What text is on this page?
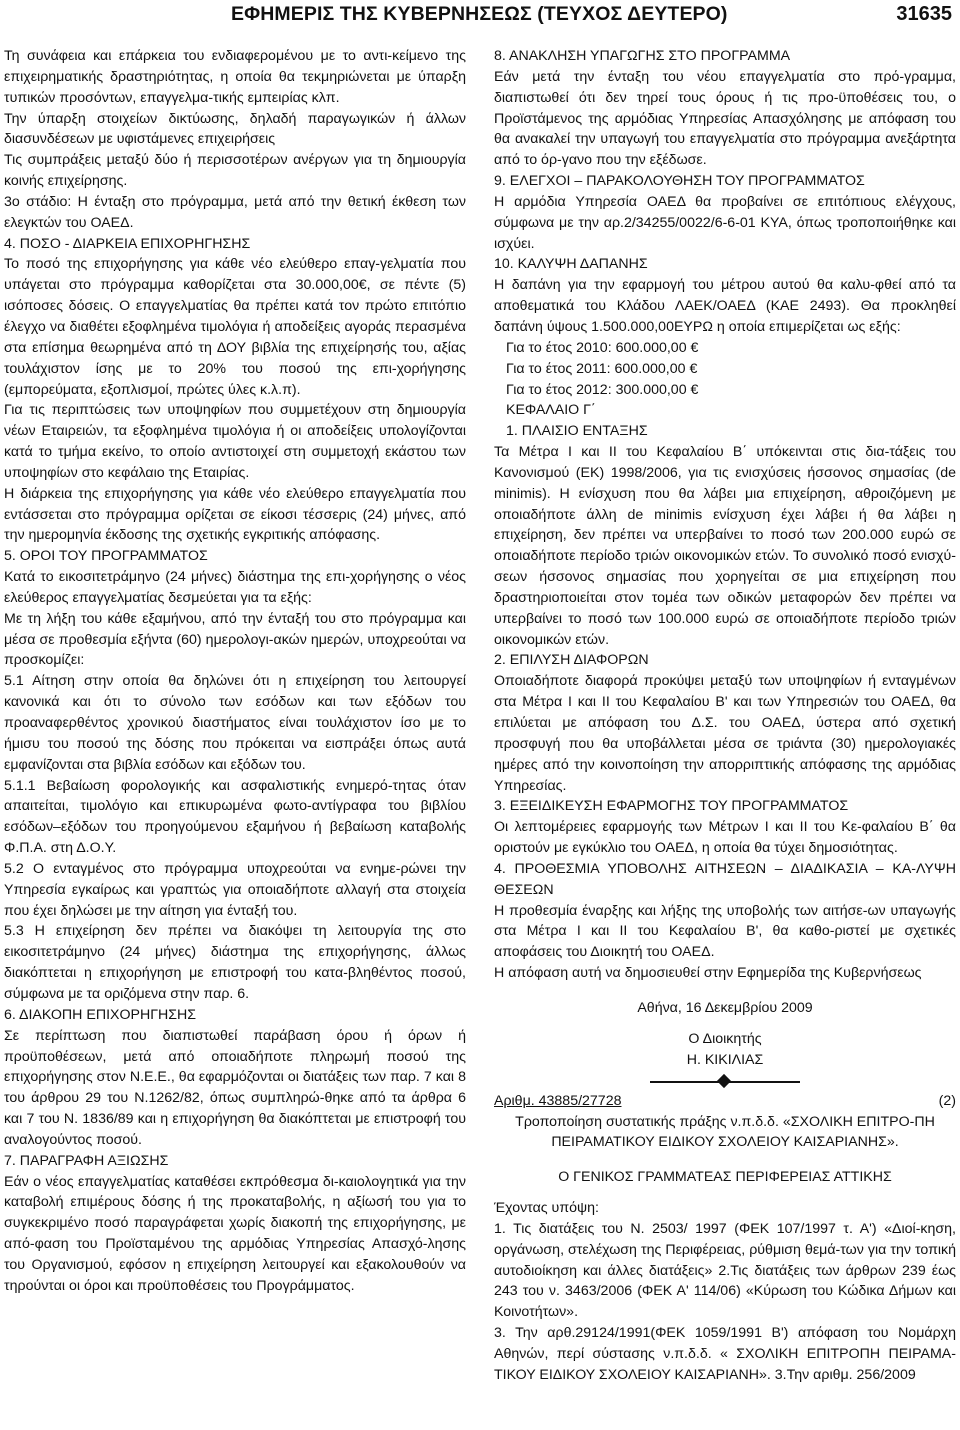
ΕΦΗΜΕΡΙΣ ΤΗΣ ΚΥΒΕΡΝΗΣΕΩΣ (ΤΕΥΧΟΣ ΔΕΥΤΕΡΟ)	31635

Τη συνάφεια και επάρκεια του ενδιαφερομένου με το αντι-κείμενο της επιχειρηματικής δραστηριότητας, η οποία θα τεκμηριώνεται με ύπαρξη τυπικών προσόντων, επαγγελμα-τικής εμπειρίας κλπ.

Την ύπαρξη στοιχείων δικτύωσης, δηλαδή παραγωγικών ή άλλων διασυνδέσεων με υφιστάμενες επιχειρήσεις

Τις συμπράξεις μεταξύ δύο ή περισσοτέρων ανέργων για τη δημιουργία κοινής επιχείρησης.

3ο στάδιο: Η ένταξη στο πρόγραμμα, μετά από την θετική έκθεση των ελεγκτών του ΟΑΕΔ.

4. ΠΟΣΟ - ΔΙΑΡΚΕΙΑ ΕΠΙΧΟΡΗΓΗΣΗΣ

Το ποσό της επιχορήγησης για κάθε νέο ελεύθερο επαγ-γελματία που υπάγεται στο πρόγραμμα καθορίζεται στα 30.000,00€, σε πέντε (5) ισόποσες δόσεις. Ο επαγγελματίας θα πρέπει κατά τον πρώτο επιτόπιο έλεγχο να διαθέτει εξοφλημένα τιμολόγια ή αποδείξεις αγοράς περασμένα στα επίσημα θεωρημένα από τη ΔΟΥ βιβλία της επιχείρησής του, αξίας τουλάχιστον ίσης με το 20% του ποσού της επι-χορήγησης (εμπορεύματα, εξοπλισμοί, πρώτες ύλες κ.λ.π).

Για τις περιπτώσεις των υποψηφίων που συμμετέχουν στη δημιουργία νέων Εταιρειών, τα εξοφλημένα τιμολόγια ή οι αποδείξεις υπολογίζονται κατά το τμήμα εκείνο, το οποίο αντιστοιχεί στη συμμετοχή εκάστου των υποψηφίων στο κεφάλαιο της Εταιρίας.

Η διάρκεια της επιχορήγησης για κάθε νέο ελεύθερο επαγγελματία που εντάσσεται στο πρόγραμμα ορίζεται σε είκοσι τέσσερις (24) μήνες, από την ημερομηνία έκδοσης της σχετικής εγκριτικής απόφασης.

5. ΟΡΟΙ ΤΟΥ ΠΡΟΓΡΑΜΜΑΤΟΣ

Κατά το εικοσιτετράμηνο (24 μήνες) διάστημα της επι-χορήγησης ο νέος ελεύθερος επαγγελματίας δεσμεύεται για τα εξής:

Με τη λήξη του κάθε εξαμήνου, από την ένταξή του στο πρόγραμμα και μέσα σε προθεσμία εξήντα (60) ημερολογι-ακών ημερών, υποχρεούται να προσκομίζει:

5.1 Αίτηση στην οποία θα δηλώνει ότι η επιχείρηση του λειτουργεί κανονικά και ότι το σύνολο των εσόδων και των εξόδων του προαναφερθέντος χρονικού διαστήματος είναι τουλάχιστον ίσο με το ήμισυ του ποσού της δόσης που πρόκειται να εισπράξει όπως αυτά εμφανίζονται στα βιβλία εσόδων και εξόδων του.

5.1.1 Βεβαίωση φορολογικής και ασφαλιστικής ενημερό-τητας όταν απαιτείται, τιμολόγιο και επικυρωμένα φωτο-αντίγραφα του βιβλίου εσόδων–εξόδων του προηγούμενου εξαμήνου ή βεβαίωση καταβολής Φ.Π.Α. στη Δ.Ο.Υ.

5.2 Ο ενταγμένος στο πρόγραμμα υποχρεούται να ενημε-ρώνει την Υπηρεσία εγκαίρως και γραπτώς για οποιαδήποτε αλλαγή στα στοιχεία που έχει δηλώσει με την αίτηση για ένταξή του.

5.3 Η επιχείρηση δεν πρέπει να διακόψει τη λειτουργία της στο εικοσιτετράμηνο (24 μήνες) διάστημα της επιχορήγησης, άλλως διακόπτεται η επιχορήγηση με επιστροφή του κατα-βληθέντος ποσού, σύμφωνα με τα οριζόμενα στην παρ. 6.

6. ΔΙΑΚΟΠΗ ΕΠΙΧΟΡΗΓΗΣΗΣ

Σε περίπτωση που διαπιστωθεί παράβαση όρου ή όρων ή προϋποθέσεων, μετά από οποιαδήποτε πληρωμή ποσού της επιχορήγησης στον Ν.Ε.Ε., θα εφαρμόζονται οι διατάξεις των παρ. 7 και 8 του άρθρου 29 του Ν.1262/82, όπως συμπληρώ-θηκε από τα άρθρα 6 και 7 του Ν. 1836/89 και η επιχορήγηση θα διακόπτεται με επιστροφή του αναλογούντος ποσού.

7. ΠΑΡΑΓΡΑΦΗ ΑΞΙΩΣΗΣ

Εάν ο νέος επαγγελματίας καταθέσει εκπρόθεσμα δι-καιολογητικά για την καταβολή επιμέρους δόσης ή της προκαταβολής, η αξίωσή του για το συγκεκριμένο ποσό παραγράφεται χωρίς διακοπή της επιχορήγησης, με από-φαση του Προϊσταμένου της αρμόδιας Υπηρεσίας Απασχό-λησης του Οργανισμού, εφόσον η επιχείρηση λειτουργεί και εξακολουθούν να τηρούνται οι όροι και προϋποθέσεις του Προγράμματος.

8. ΑΝΑΚΛΗΣΗ ΥΠΑΓΩΓΗΣ ΣΤΟ ΠΡΟΓΡΑΜΜΑ

Εάν μετά την ένταξη του νέου επαγγελματία στο πρό-γραμμα, διαπιστωθεί ότι δεν τηρεί τους όρους ή τις προ-ϋποθέσεις του, ο Προϊστάμενος της αρμόδιας Υπηρεσίας Απασχόλησης με απόφαση του θα ανακαλεί την υπαγωγή του επαγγελματία στο πρόγραμμα ανεξάρτητα από το όρ-γανο που την εξέδωσε.

9. ΕΛΕΓΧΟΙ – ΠΑΡΑΚΟΛΟΥΘΗΣΗ ΤΟΥ ΠΡΟΓΡΑΜΜΑΤΟΣ

Η αρμόδια Υπηρεσία ΟΑΕΔ θα προβαίνει σε επιτόπιους ελέγχους, σύμφωνα με την αρ.2/34255/0022/6-6-01 ΚΥΑ, όπως τροποποιήθηκε και ισχύει.

10. ΚΑΛΥΨΗ ΔΑΠΑΝΗΣ

Η δαπάνη για την εφαρμογή του μέτρου αυτού θα καλυ-φθεί από τα αποθεματικά του Κλάδου ΛΑΕΚ/ΟΑΕΔ (ΚΑΕ 2493). Θα προκληθεί δαπάνη ύψους 1.500.000,00ΕΥΡΩ η οποία επιμερίζεται ως εξής:

Για το έτος 2010: 600.000,00 €

Για το έτος 2011: 600.000,00 €

Για το έτος 2012: 300.000,00 €

ΚΕΦΑΛΑΙΟ Γ΄

1. ΠΛΑΙΣΙΟ ΕΝΤΑΞΗΣ

Τα Μέτρα Ι και ΙΙ του Κεφαλαίου Β΄ υπόκεινται στις δια-τάξεις του Κανονισμού (ΕΚ) 1998/2006, για τις ενισχύσεις ήσσονος σημασίας (de minimis). Η ενίσχυση που θα λάβει μια επιχείρηση, αθροιζόμενη με οποιαδήποτε άλλη de minimis ενίσχυση έχει λάβει ή θα λάβει η επιχείρηση, δεν πρέπει να υπερβαίνει το ποσό των 200.000 ευρώ σε οποιαδήποτε περίοδο τριών οικονομικών ετών. Το συνολικό ποσό ενισχύ-σεων ήσσονος σημασίας που χορηγείται σε μια επιχείρηση που δραστηριοποιείται στον τομέα των οδικών μεταφορών δεν πρέπει να υπερβαίνει το ποσό των 100.000 ευρώ σε οποιαδήποτε περίοδο τριών οικονομικών ετών.

2. ΕΠΙΛΥΣΗ ΔΙΑΦΟΡΩΝ

Οποιαδήποτε διαφορά προκύψει μεταξύ των υποψηφίων ή ενταγμένων στα Μέτρα Ι και ΙΙ του Κεφαλαίου Β' και των Υπηρεσιών του ΟΑΕΔ, θα επιλύεται με απόφαση του Δ.Σ. του ΟΑΕΔ, ύστερα από σχετική προσφυγή που θα υποβάλλεται μέσα σε τριάντα (30) ημερολογιακές ημέρες από την κοινοποίηση την απορριπτικής απόφασης της αρμόδιας Υπηρεσίας.

3. ΕΞΕΙΔΙΚΕΥΣΗ ΕΦΑΡΜΟΓΗΣ ΤΟΥ ΠΡΟΓΡΑΜΜΑΤΟΣ

Οι λεπτομέρειες εφαρμογής των Μέτρων Ι και ΙΙ του Κε-φαλαίου Β΄ θα οριστούν με εγκύκλιο του ΟΑΕΔ, η οποία θα τύχει δημοσιότητας.

4. ΠΡΟΘΕΣΜΙΑ ΥΠΟΒΟΛΗΣ ΑΙΤΗΣΕΩΝ – ΔΙΑΔΙΚΑΣΙΑ – ΚΑ-ΛΥΨΗ ΘΕΣΕΩΝ

Η προθεσμία έναρξης και λήξης της υποβολής των αιτήσε-ων υπαγωγής στα Μέτρα Ι και ΙΙ του Κεφαλαίου Β', θα καθο-ριστεί με σχετικές αποφάσεις του Διοικητή του ΟΑΕΔ.

Η απόφαση αυτή να δημοσιευθεί στην Εφημερίδα της Κυβερνήσεως

Αθήνα, 16 Δεκεμβρίου 2009

Ο Διοικητής

Η. ΚΙΚΙΛΙΑΣ

Αριθμ. 43885/27728	(2)

Τροποποίηση συστατικής πράξης ν.π.δ.δ. «ΣΧΟΛΙΚΗ ΕΠΙΤΡΟ-ΠΗ ΠΕΙΡΑΜΑΤΙΚΟΥ ΕΙΔΙΚΟΥ ΣΧΟΛΕΙΟΥ ΚΑΙΣΑΡΙΑΝΗΣ».

Ο ΓΕΝΙΚΟΣ ΓΡΑΜΜΑΤΕΑΣ ΠΕΡΙΦΕΡΕΙΑΣ ΑΤΤΙΚΗΣ

Έχοντας υπόψη:

1. Τις διατάξεις του Ν. 2503/ 1997 (ΦΕΚ 107/1997 τ. Α') «Διοί-κηση, οργάνωση, στελέχωση της Περιφέρειας, ρύθμιση θεμά-των για την τοπική αυτοδιοίκηση και άλλες διατάξεις» 2.Τις διατάξεις των άρθρων 239 έως 243 του ν. 3463/2006 (ΦΕΚ Α' 114/06) «Κύρωση του Κώδικα Δήμων και Κοινοτήτων».

3. Την αρθ.29124/1991(ΦΕΚ 1059/1991 Β') απόφαση του Νομάρχη Αθηνών, περί σύστασης ν.π.δ.δ. « ΣΧΟΛΙΚΗ ΕΠΙΤΡΟΠΗ ΠΕΙΡΑΜΑ-ΤΙΚΟΥ ΕΙΔΙΚΟΥ ΣΧΟΛΕΙΟΥ ΚΑΙΣΑΡΙΑΝΗ». 3.Την αριθμ. 256/2009
